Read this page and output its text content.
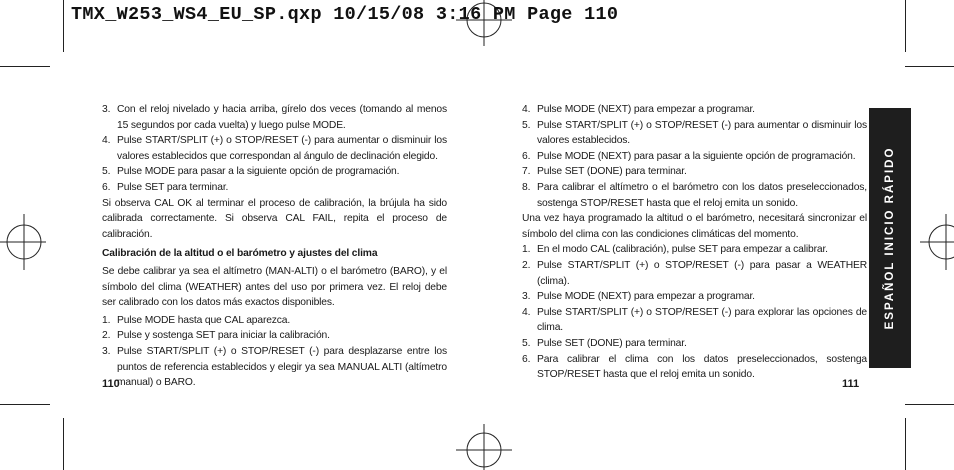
TMX_W253_WS4_EU_SP.qxp 10/15/08 3:16 PM Page 110
3. Con el reloj nivelado y hacia arriba, gírelo dos veces (tomando al menos 15 segundos por cada vuelta) y luego pulse MODE.
4. Pulse START/SPLIT (+) o STOP/RESET (-) para aumentar o disminuir los valores establecidos que correspondan al ángulo de declinación elegido.
5. Pulse MODE para pasar a la siguiente opción de programación.
6. Pulse SET para terminar.
Si observa CAL OK al terminar el proceso de calibración, la brújula ha sido calibrada correctamente. Si observa CAL FAIL, repita el proceso de calibración.
Calibración de la altitud o el barómetro y ajustes del clima
Se debe calibrar ya sea el altímetro (MAN-ALTI) o el barómetro (BARO), y el símbolo del clima (WEATHER) antes del uso por primera vez. El reloj debe ser calibrado con los datos más exactos disponibles.
1. Pulse MODE hasta que CAL aparezca.
2. Pulse y sostenga SET para iniciar la calibración.
3. Pulse START/SPLIT (+) o STOP/RESET (-) para desplazarse entre los puntos de referencia establecidos y elegir ya sea MANUAL ALTI (altímetro manual) o BARO.
110
4. Pulse MODE (NEXT) para empezar a programar.
5. Pulse START/SPLIT (+) o STOP/RESET (-) para aumentar o disminuir los valores establecidos.
6. Pulse MODE (NEXT) para pasar a la siguiente opción de programación.
7. Pulse SET (DONE) para terminar.
8. Para calibrar el altímetro o el barómetro con los datos preseleccionados, sostenga STOP/RESET hasta que el reloj emita un sonido.
Una vez haya programado la altitud o el barómetro, necesitará sincronizar el símbolo del clima con las condiciones climáticas del momento.
1. En el modo CAL (calibración), pulse SET para empezar a calibrar.
2. Pulse START/SPLIT (+) o STOP/RESET (-) para pasar a WEATHER (clima).
3. Pulse MODE (NEXT) para empezar a programar.
4. Pulse START/SPLIT (+) o STOP/RESET (-) para explorar las opciones de clima.
5. Pulse SET (DONE) para terminar.
6. Para calibrar el clima con los datos preseleccionados, sostenga STOP/RESET hasta que el reloj emita un sonido.
111
ESPAÑOL INICIO RÁPIDO
